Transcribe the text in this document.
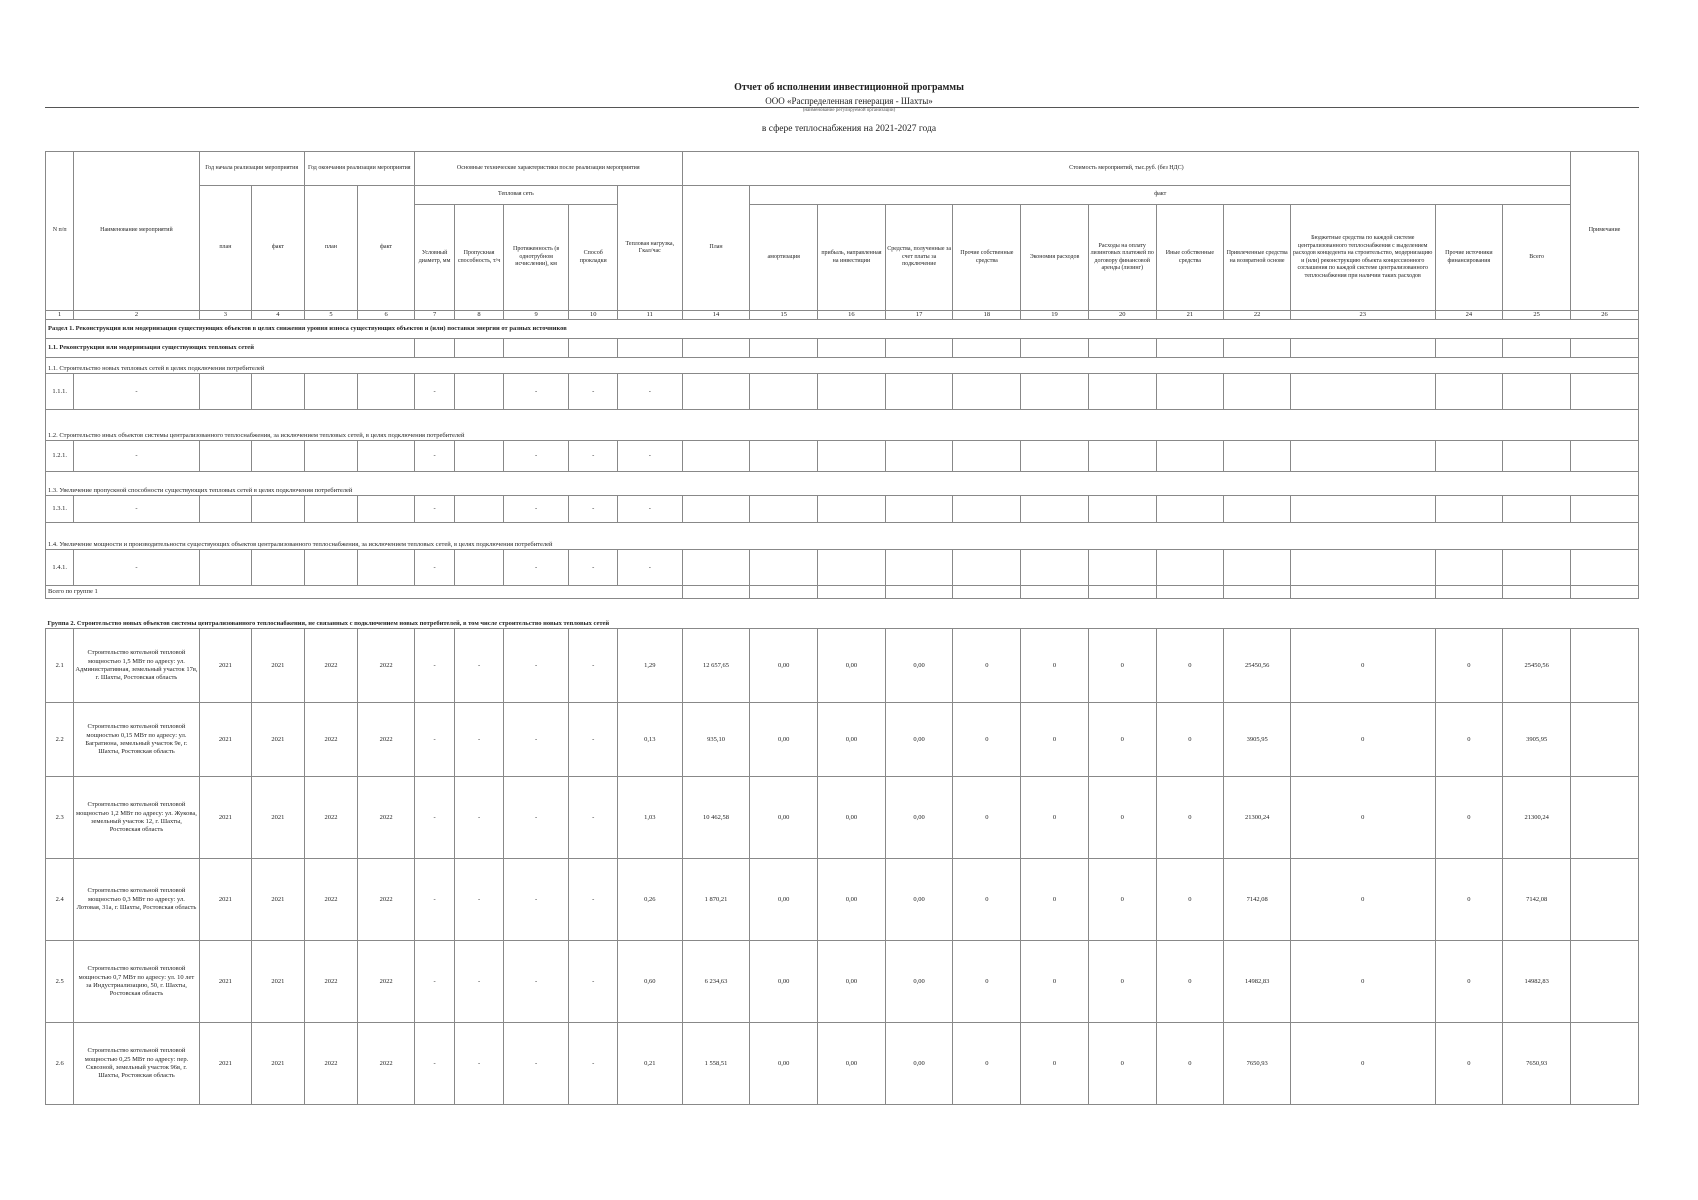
Отчет об исполнении инвестиционной программы
ООО «Распределенная генерация - Шахты»
(наименование регулируемой организации)
в сфере теплоснабжения на 2021-2027 года
N п/п	Наименование мероприятий	Год начала реализации мероприятия		Год окончания реализации мероприятия		Основные технические характеристики после реализации мероприятия					Стоимость мероприятий, тыс.руб. (без НДС)												Примечание
		план	факт	план	факт	Тепловая сеть				Тепловая нагрузка, Гкал/час	План	факт											
						Условный диаметр, мм	Пропускная способность, т/ч	Протяженность (в однотрубном исчислении), км	Способ прокладки			амортизация	прибыль, направленная на инвестиции	Средства, полученные за счет платы за подключение	Прочие собственные средства	Экономия расходов	Расходы на оплату лизинговых платежей по договору финансовой аренды (лизинг)	Иные собственные средства	Привлеченные средства на возвратной основе	Бюджетные средства по каждой системе централизованного теплоснабжения с выделением расходов концедента на строительство, модернизацию и (или) реконструкцию объекта концессионного соглашения по каждой системе централизованного теплоснабжения при наличии таких расходов	Прочие источники финансирования	Всего	
1	2	3	4	5	6	7	8	9	10	11	14	15	16	17	18	19	20	21	22	23	24	25	26
Раздел 1. Реконструкция или модернизация существующих объектов в целях снижения уровня износа существующих объектов и (или) поставки энергии от разных источников																							
1.1. Реконструкция или модернизация существующих тепловых сетей																							
1.1. Строительство новых тепловых сетей в целях подключения потребителей																							
1.1.1.	-					-		-	-	-													
1.2. Строительство иных объектов системы централизованного теплоснабжения, за исключением тепловых сетей, в целях подключения потребителей																							
1.2.1.	-					-		-	-	-													
1.3. Увеличение пропускной способности существующих тепловых сетей в целях подключения потребителей																							
1.3.1.	-					-		-	-	-													
1.4. Увеличение мощности и производительности существующих объектов централизованного теплоснабжения, за исключением тепловых сетей, в целях подключения потребителей																							
1.4.1.	-					-		-	-	-													
Всего по группе 1																							
Группа 2. Строительство новых объектов системы централизованного теплоснабжения, не связанных с подключением новых потребителей, в том числе строительство новых тепловых сетей																							
2.1	Строительство котельной тепловой мощностью 1,5 МВт по адресу: ул. Административная, земельный участок 17в, г. Шахты, Ростовская область	2021	2021	2022	2022	-	-	-	-	1,29	12 657,65	0,00	0,00	0,00	0	0	0	0	25450,56	0	0	25450,56	
2.2	Строительство котельной тепловой мощностью 0,15 МВт по адресу: ул. Багратиона, земельный участок 9е, г. Шахты, Ростовская область	2021	2021	2022	2022	-	-	-	-	0,13	935,10	0,00	0,00	0,00	0	0	0	0	3905,95	0	0	3905,95	
2.3	Строительство котельной тепловой мощностью 1,2 МВт по адресу: ул. Жукова, земельный участок 12, г. Шахты, Ростовская область	2021	2021	2022	2022	-	-	-	-	1,03	10 462,58	0,00	0,00	0,00	0	0	0	0	21300,24	0	0	21300,24	
2.4	Строительство котельной тепловой мощностью 0,3 МВт по адресу: ул. Лотовая, 31а, г. Шахты, Ростовская область	2021	2021	2022	2022	-	-	-	-	0,26	1 870,21	0,00	0,00	0,00	0	0	0	0	7142,08	0	0	7142,08	
2.5	Строительство котельной тепловой мощностью 0,7 МВт по адресу: ул. 10 лет за Индустриализацию, 50, г. Шахты, Ростовская область	2021	2021	2022	2022	-	-	-	-	0,60	6 234,63	0,00	0,00	0,00	0	0	0	0	14982,83	0	0	14982,83	
2.6	Строительство котельной тепловой мощностью 0,25 МВт по адресу: пер. Сквозной, земельный участок 96в, г. Шахты, Ростовская область	2021	2021	2022	2022	-	-	-	-	0,21	1 558,51	0,00	0,00	0,00	0	0	0	0	7650,93	0	0	7650,93	
